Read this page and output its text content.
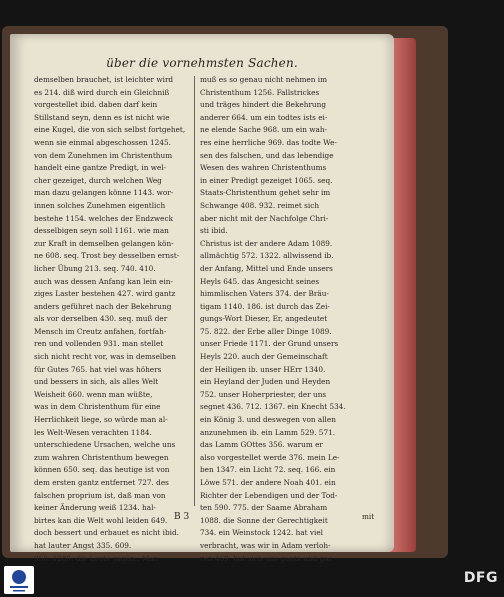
über die vornehmsten Sachen.
demselben brauchet, ist leichter wird
es 214. diß wird durch ein Gleichniß
vorgestellet ibid. daben darf kein
Stillstand seyn, denn es ist nicht wie
eine Kugel, die von sich selbst fortgehet,
wenn sie einmal abgeschossen 1245.
von dem Zunehmen im Christenthum
handelt eine gantze Predigt, in wel-
cher gezeiget, durch welchen Weg
man dazu gelangen könne 1143. wor-
innen solches Zunehmen eigentlich
bestehe 1154. welches der Endzweck
desselbigen seyn soll 1161. wie man
zur Kraft in demselben gelangen kön-
ne 608. seq. Trost bey desselben ernst-
licher Übung 213. seq. 740. 410.
auch was dessen Anfang kan lein ein-
ziges Laster bestehen 427. wird gantz
anders geführet nach der Bekehrung
als vor derselben 430. seq. muß der
Mensch im Creutz anfahen, fortfah-
ren und vollenden 931. man stellet
sich nicht recht vor, was in demselben
für Gutes 765. hat viel was höhers
und bessers in sich, als alles Welt
Weisheit 660. wenn man wüßte,
was in dem Christenthum für eine
Herrlichkeit liege, so würde man al-
les Welt-Wesen verachten 1184.
unterschiedene Ursachen, welche uns
zum wahren Christenthum bewegen
können 650. seq. das heutige ist von
dem ersten gantz entfernet 727. des
falschen proprium ist, daß man von
keiner Änderung weiß 1234. hal-
birtes kan die Welt wohl leiden 649.
doch bessert und erbauet es nicht ibid.
hat lauter Angst 335. 609.
950. 1289. die Leute sagen:, Man
muß es so genau nicht nehmen im
Christenthum 1256. Fallstrickes
und träges hindert die Bekehrung
anderer 664. um ein todtes ists ei-
ne elende Sache 968. um ein wah-
res eine herrliche 969. das todte We-
sen des falschen, und das lebendige
Wesen des wahren Christenthums
in einer Predigt gezeiget 1065. seq.
Staats-Christenthum gehet sehr im
Schwange 408. 932. reimet sich
aber nicht mit der Nachfolge Chri-
sti ibid.
Christus ist der andere Adam 1089.
allmächtig 572. 1322. allwissend ib.
der Anfang, Mittel und Ende unsers
Heyls 645. das Angesicht seines
himmlischen Vaters 374. der Bräu-
tigam 1140. 186. ist durch das Zei-
gungs-Wort Dieser, Er, angedeutet
75. 822. der Erbe aller Dinge 1089.
unser Friede 1171. der Grund unsers
Heyls 220. auch der Gemeinschaft
der Heiligen ib. unser HErr 1340.
ein Heyland der Juden und Heyden
752. unser Hoherpriester, der uns
segnet 436. 712. 1367. ein Knecht 534.
ein König 3. und deswegen von allen
anzunehmen ib. ein Lamm 529. 571.
das Lamm GOttes 356. warum er
also vorgestellet werde 376. mein Le-
ben 1347. ein Licht 72. seq. 166. ein
Löwe 571. der andere Noah 401. ein
Richter der Lebendigen und der Tod-
ten 590. 775. der Saame Abraham
1088. die Sonne der Gerechtigkeit
734. ein Weinstock 1242. hat viel
verbracht, was wir in Adam verloh-
ren 469. hat sich uns gantz und gar
B 3	mit
DFG
